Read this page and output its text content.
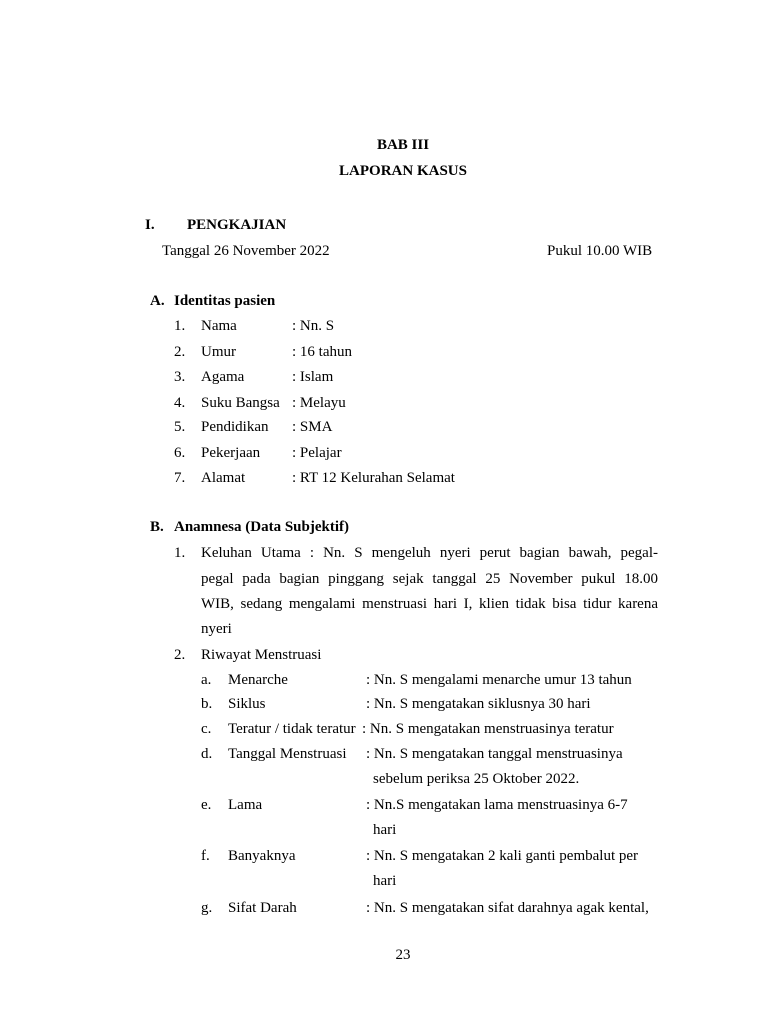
BAB III
LAPORAN KASUS
I. PENGKAJIAN
Tanggal 26 November 2022	Pukul 10.00 WIB
A. Identitas pasien
1. Nama	: Nn. S
2. Umur	: 16 tahun
3. Agama	: Islam
4. Suku Bangsa : Melayu
5. Pendidikan : SMA
6. Pekerjaan : Pelajar
7. Alamat	: RT 12 Kelurahan Selamat
B. Anamnesa (Data Subjektif)
1. Keluhan Utama : Nn. S mengeluh nyeri perut bagian bawah, pegal-
pegal pada bagian pinggang sejak tanggal 25 November pukul 18.00
WIB, sedang mengalami menstruasi hari I, klien tidak bisa tidur karena
nyeri
2. Riwayat Menstruasi
a. Menarche	: Nn. S mengalami menarche umur 13 tahun
b. Siklus	: Nn. S mengatakan siklusnya 30 hari
c. Teratur / tidak teratur : Nn. S mengatakan menstruasinya teratur
d. Tanggal Menstruasi : Nn. S mengatakan tanggal menstruasinya
sebelum periksa 25 Oktober 2022.
e. Lama	: Nn.S mengatakan lama menstruasinya 6-7
hari
f. Banyaknya	: Nn. S mengatakan 2 kali ganti pembalut per
hari
g. Sifat Darah	: Nn. S mengatakan sifat darahnya agak kental,
23
